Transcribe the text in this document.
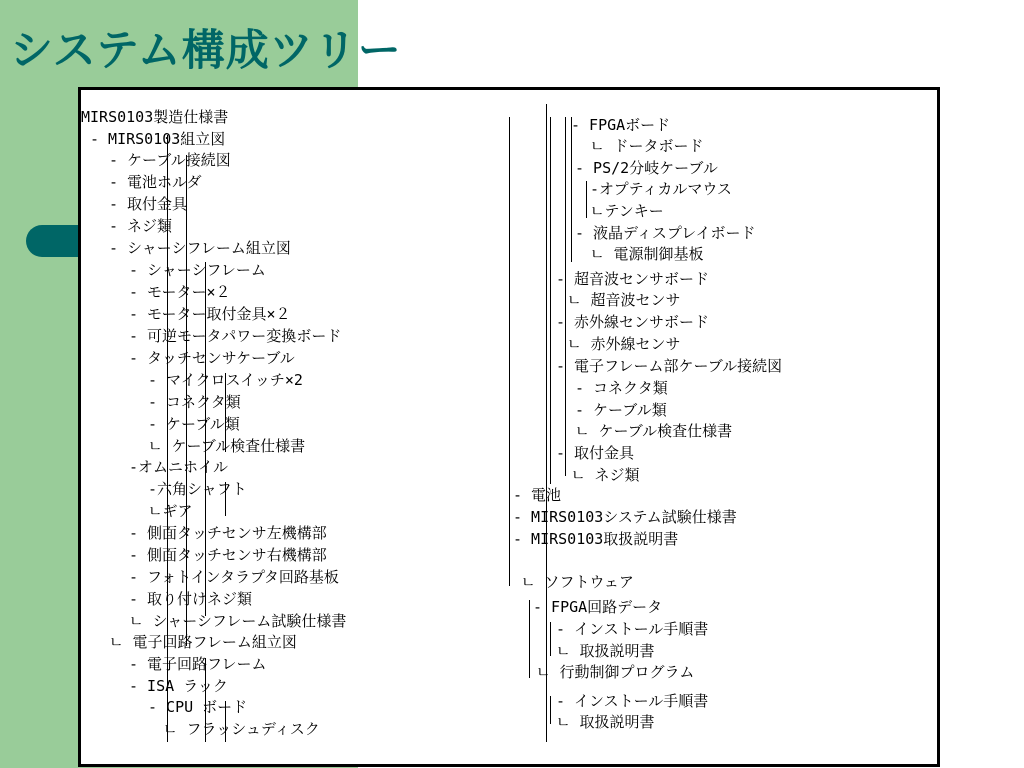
システム構成ツリー
MIRS0103製造仕様書
- MIRS0103組立図
- ケーブル接続図
- 電池ホルダ
- 取付金具
- ネジ類
- シャーシフレーム組立図
- シャーシフレーム
- モーター×２
- モーター取付金具×２
- 可逆モータパワー変換ボード
- タッチセンサケーブル
- マイクロスイッチ×2
- コネクタ類
- ケーブル類
ㄴ ケーブル検査仕様書
-オムニホイル
-六角シャフト
ㄴギア
- 側面タッチセンサ左機構部
- 側面タッチセンサ右機構部
- フォトインタラプタ回路基板
- 取り付けネジ類
ㄴ シャーシフレーム試験仕様書
ㄴ 電子回路フレーム組立図
- 電子回路フレーム
- ISA ラック
- CPU ボード
ㄴ フラッシュディスク
- FPGAボード
ㄴ ドータボード
- PS/2分岐ケーブル
-オプティカルマウス
ㄴテンキー
- 液晶ディスプレイボード
ㄴ 電源制御基板
- 超音波センサボード
ㄴ 超音波センサ
- 赤外線センサボード
ㄴ 赤外線センサ
- 電子フレーム部ケーブル接続図
- コネクタ類
- ケーブル類
ㄴ ケーブル検査仕様書
- 取付金具
ㄴ ネジ類
- 電池
- MIRS0103システム試験仕様書
- MIRS0103取扱説明書
ㄴ ソフトウェア
- FPGA回路データ
- インストール手順書
ㄴ 取扱説明書
ㄴ 行動制御プログラム
- インストール手順書
ㄴ 取扱説明書
